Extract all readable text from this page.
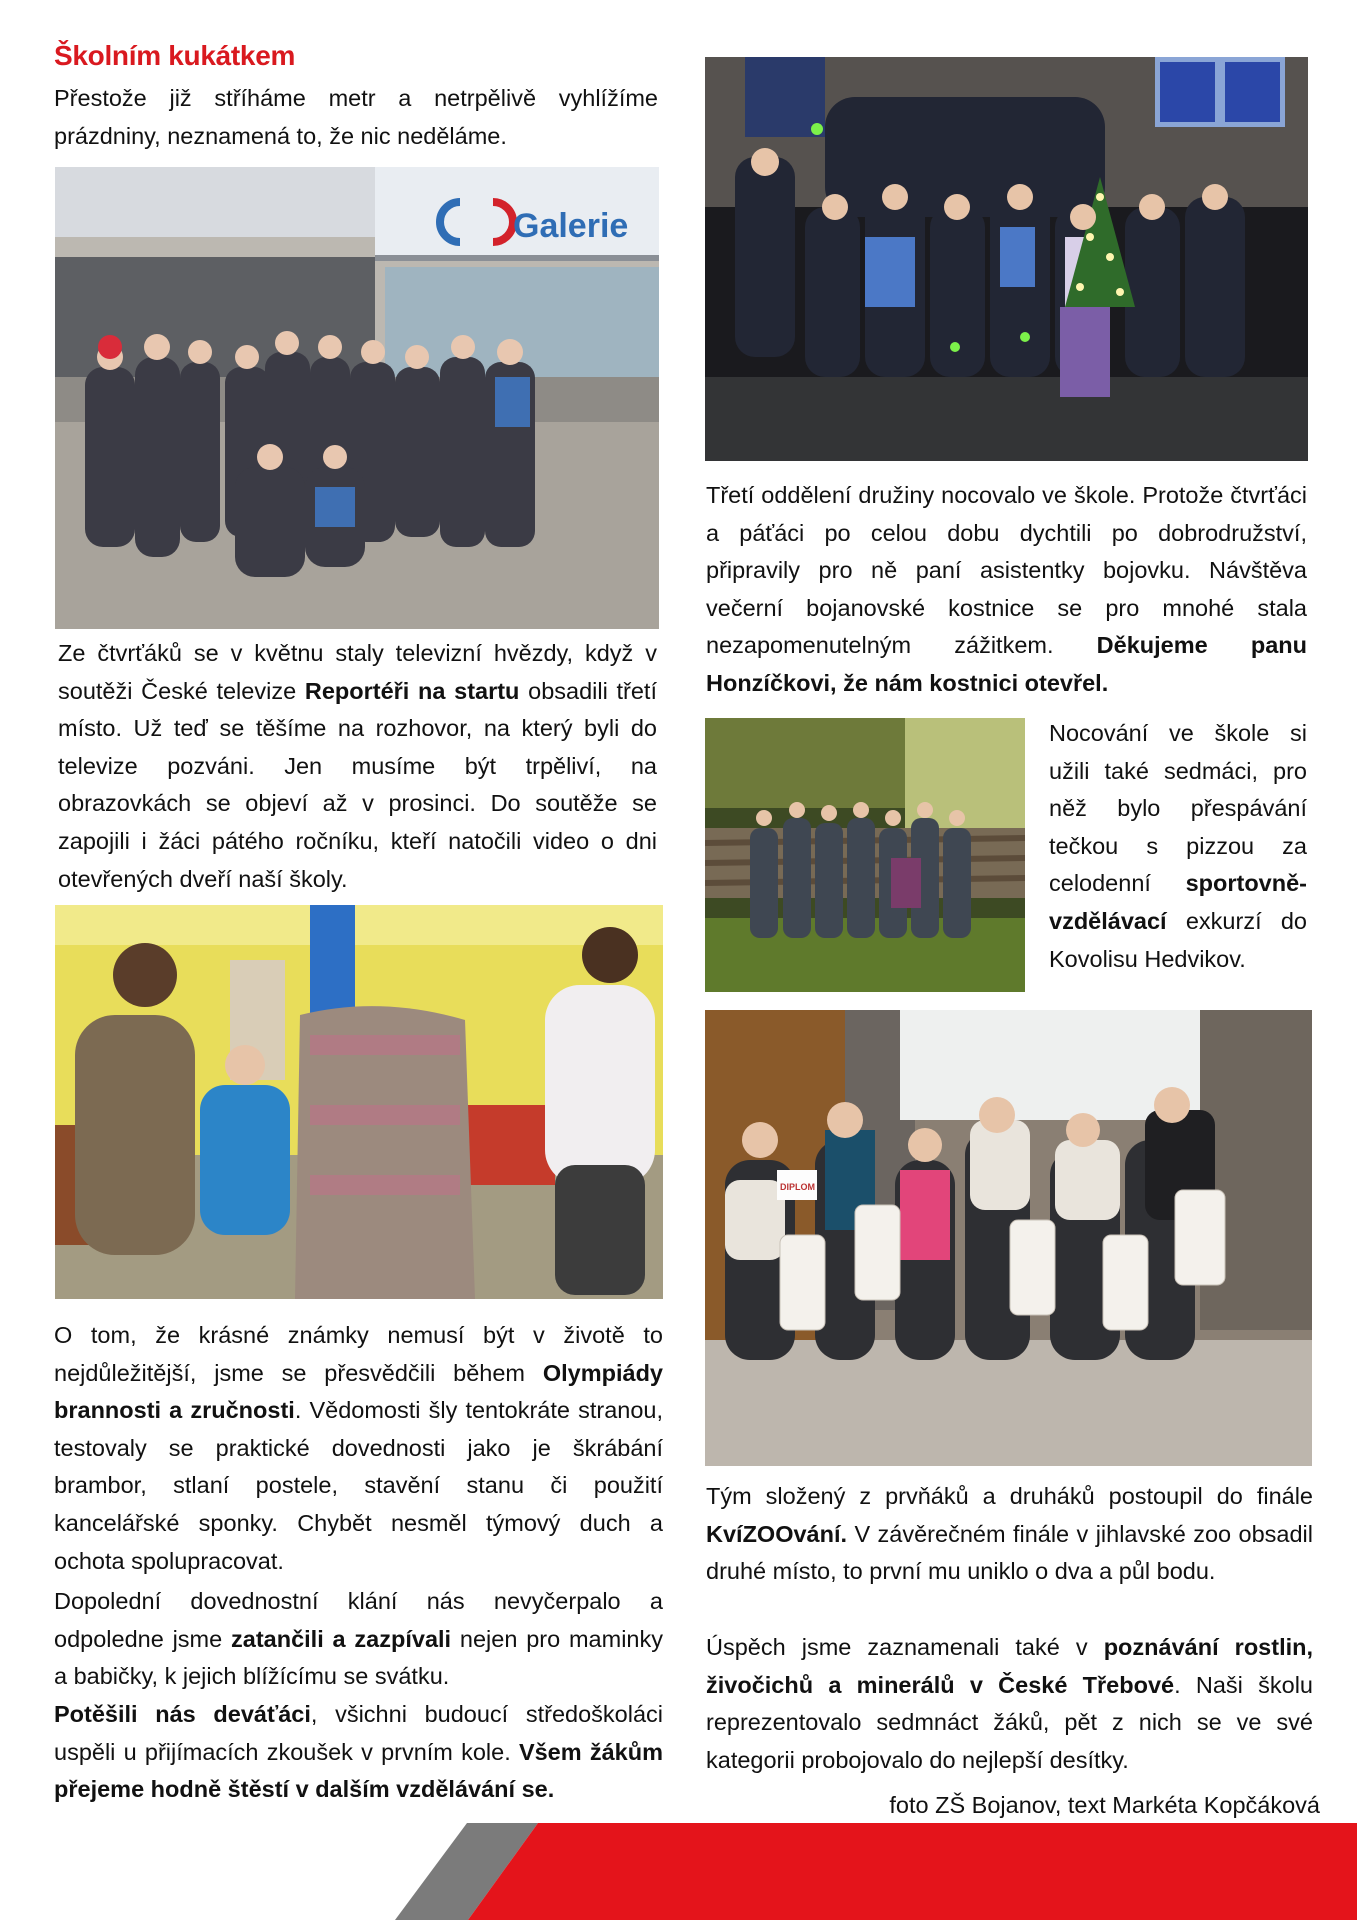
Školním kukátkem
Přestože již stříháme metr a netrpělivě vyhlížíme prázdniny, neznamená to, že nic neděláme.
Galerie
Ze čtvrťáků se v květnu staly televizní hvězdy, když v soutěži České televize Reportéři na startu obsadili třetí místo. Už teď se těšíme na rozhovor, na který byli do televize pozváni. Jen musíme být trpěliví, na obrazovkách se objeví až v prosinci. Do soutěže se zapojili i žáci pátého ročníku, kteří natočili video o dni otevřených dveří naší školy.
O tom, že krásné známky nemusí být v životě to nejdůležitější, jsme se přesvědčili během Olympiády brannosti a zručnosti. Vědomosti šly tentokráte stranou, testovaly se praktické dovednosti jako je škrábání brambor, stlaní postele, stavění stanu či použití kancelářské sponky. Chybět nesměl týmový duch a ochota spolupracovat.
Dopolední dovednostní klání nás nevyčerpalo a odpoledne jsme zatančili a zazpívali nejen pro maminky a babičky, k jejich blížícímu se svátku.
Potěšili nás deváťáci, všichni budoucí středoškoláci uspěli u přijímacích zkoušek v prvním kole. Všem žákům přejeme hodně štěstí v dalším vzdělávání se.
Třetí oddělení družiny nocovalo ve škole. Protože čtvrťáci a páťáci po celou dobu dychtili po dobrodružství, připravily pro ně paní asistentky bojovku. Návštěva večerní bojanovské kostnice se pro mnohé stala nezapomenutelným zážitkem. Děkujeme panu Honzíčkovi, že nám kostnici otevřel.
Nocování ve škole si užili také sedmáci, pro něž bylo přespávání tečkou s pizzou za celodenní sportovně-vzdělávací exkurzí do Kovolisu Hedvikov.
DIPLOM
Tým složený z prvňáků a druháků postoupil do finále KvíZOOvání. V závěrečném finále v jihlavské zoo obsadil druhé místo, to první mu uniklo o dva a půl bodu.
Úspěch jsme zaznamenali také v poznávání rostlin, živočichů a minerálů v České Třebové. Naši školu reprezentovalo sedmnáct žáků, pět z nich se ve své kategorii probojovalo do nejlepší desítky.
foto ZŠ Bojanov, text Markéta Kopčáková
